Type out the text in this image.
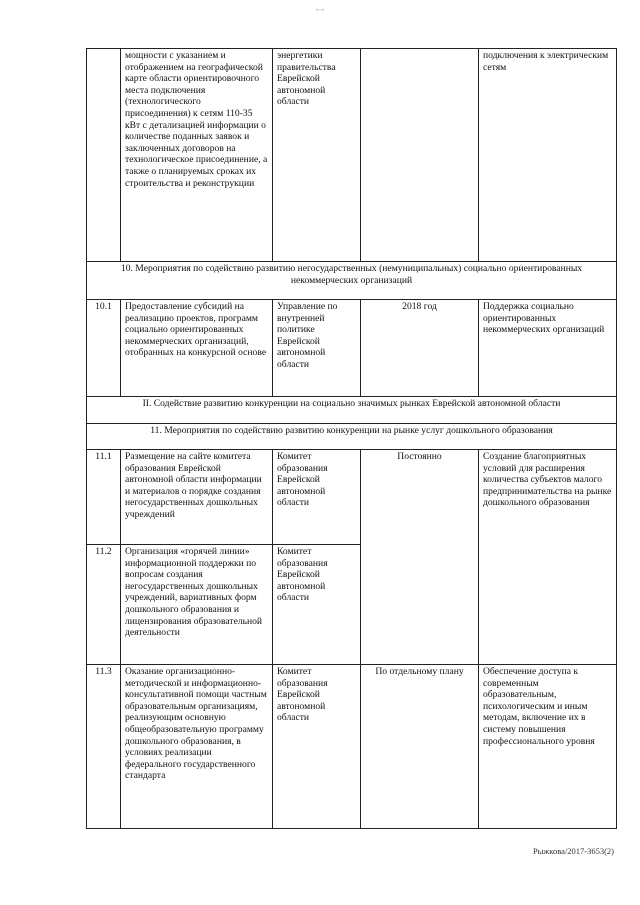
- -
	мощности с указанием и отображением на географической карте области ориентировочного места подключения (технологического присоединения) к сетям 110-35 кВт с детализацией информации о количестве поданных заявок и заключенных договоров на технологическое присоединение, а также о планируемых сроках их строительства и реконструкции	энергетики правительства Еврейской автономной области		подключения к электрическим сетям
10. Мероприятия по содействию развитию негосударственных (немуниципальных) социально ориентированных некоммерческих организаций				
10.1	Предоставление субсидий на реализацию проектов, программ социально ориентированных некоммерческих организаций, отобранных на конкурсной основе	Управление по внутренней политике Еврейской автономной области	2018 год	Поддержка социально ориентированных некоммерческих организаций
II. Содействие развитию конкуренции на социально значимых рынках Еврейской автономной области				
11. Мероприятия по содействию развитию конкуренции на рынке услуг дошкольного образования				
11.1	Размещение на сайте комитета образования Еврейской автономной области информации и материалов о порядке создания негосударственных дошкольных учреждений	Комитет образования Еврейской автономной области	Постоянно	Создание благоприятных условий для расширения количества субъектов малого предпринимательства на рынке дошкольного образования
11.2	Организация «горячей линии» информационной поддержки по вопросам создания негосударственных дошкольных учреждений, вариативных форм дошкольного образования и лицензирования образовательной деятельности	Комитет образования Еврейской автономной области		
11.3	Оказание организационно-методической и информационно-консультативной помощи частным образовательным организациям, реализующим основную общеобразовательную программу дошкольного образования, в условиях реализации федерального государственного стандарта	Комитет образования Еврейской автономной области	По отдельному плану	Обеспечение доступа к современным образовательным, психологическим и иным методам, включение их в систему повышения профессионального уровня
Рыжкова/2017-3653(2)
